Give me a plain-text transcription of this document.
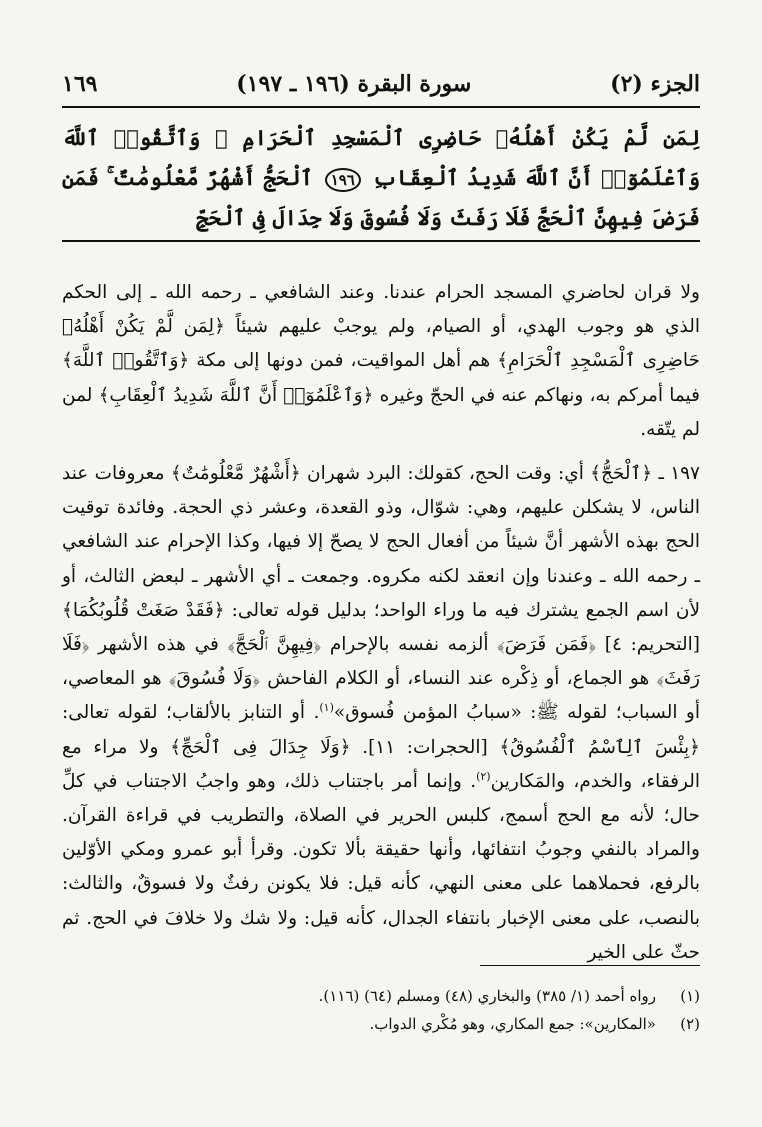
الجزء (٢)
سورة البقرة (١٩٦ ـ ١٩٧)
١٦٩
لِمَن لَّمْ يَكُنْ أَهْلُهُۥ حَاضِرِى ٱلْمَسْجِدِ ٱلْحَرَامِ ۚ وَٱتَّقُوا۟ ٱللَّهَ وَٱعْلَمُوٓا۟ أَنَّ ٱللَّهَ شَدِيدُ ٱلْعِقَابِ ١٩٦ ٱلْحَجُّ أَشْهُرٌ مَّعْلُومَٰتٌ ۚ فَمَن فَرَضَ فِيهِنَّ ٱلْحَجَّ فَلَا رَفَثَ وَلَا فُسُوقَ وَلَا جِدَالَ فِى ٱلْحَجِّ

ولا قران لحاضري المسجد الحرام عندنا. وعند الشافعي ـ رحمه الله ـ إلى الحكم الذي هو وجوب الهدي، أو الصيام، ولم يوجبْ عليهم شيئاً ﴿لِمَن لَّمْ يَكُنْ أَهْلُهُۥ حَاضِرِى ٱلْمَسْجِدِ ٱلْحَرَامِ﴾ هم أهل المواقيت، فمن دونها إلى مكة ﴿وَٱتَّقُوا۟ ٱللَّهَ﴾ فيما أمركم به، ونهاكم عنه في الحجّ وغيره ﴿وَٱعْلَمُوٓا۟ أَنَّ ٱللَّهَ شَدِيدُ ٱلْعِقَابِ﴾ لمن لم يتّقه.

١٩٧ ـ ﴿ٱلْحَجُّ﴾ أي: وقت الحج، كقولك: البرد شهران ﴿أَشْهُرٌ مَّعْلُومَٰتٌ﴾ معروفات عند الناس، لا يشكلن عليهم، وهي: شوّال، وذو القعدة، وعشر ذي الحجة. وفائدة توقيت الحج بهذه الأشهر أنَّ شيئاً من أفعال الحج لا يصحّ إلا فيها، وكذا الإحرام عند الشافعي ـ رحمه الله ـ وعندنا وإن انعقد لكنه مكروه. وجمعت ـ أي الأشهر ـ لبعض الثالث، أو لأن اسم الجمع يشترك فيه ما وراء الواحد؛ بدليل قوله تعالى: ﴿فَقَدْ صَغَتْ قُلُوبُكُمَا﴾ [التحريم: ٤] ﴿فَمَن فَرَضَ﴾ ألزمه نفسه بالإحرام ﴿فِيهِنَّ ٱلْحَجَّ﴾ في هذه الأشهر ﴿فَلَا رَفَثَ﴾ هو الجماع، أو ذِكْره عند النساء، أو الكلام الفاحش ﴿وَلَا فُسُوقَ﴾ هو المعاصي، أو السباب؛ لقوله ﷺ: «سبابُ المؤمن فُسوق»$^{(١)}$. أو التنابز بالألقاب؛ لقوله تعالى: ﴿بِئْسَ ٱلِٱسْمُ ٱلْفُسُوقُ﴾ [الحجرات: ١١]. ﴿وَلَا جِدَالَ فِى ٱلْحَجِّ﴾ ولا مراء مع الرفقاء، والخدم، والمَكارين$^{(٢)}$. وإنما أمر باجتناب ذلك، وهو واجبُ الاجتناب في كلِّ حال؛ لأنه مع الحج أسمج، كلبس الحرير في الصلاة، والتطريب في قراءة القرآن. والمراد بالنفي وجوبُ انتفائها، وأنها حقيقة بألا تكون. وقرأ أبو عمرو ومكي الأوّلين بالرفع، فحملاهما على معنى النهي، كأنه قيل: فلا يكونن رفثٌ ولا فسوقٌ، والثالث: بالنصب، على معنى الإخبار بانتفاء الجدال، كأنه قيل: ولا شك ولا خلافَ في الحج. ثم حثّ على الخير

(١)
رواه أحمد (١/ ٣٨٥) والبخاري (٤٨) ومسلم (٦٤) (١١٦).
(٢)
«المكارين»: جمع المكاري، وهو مُكْري الدواب.
